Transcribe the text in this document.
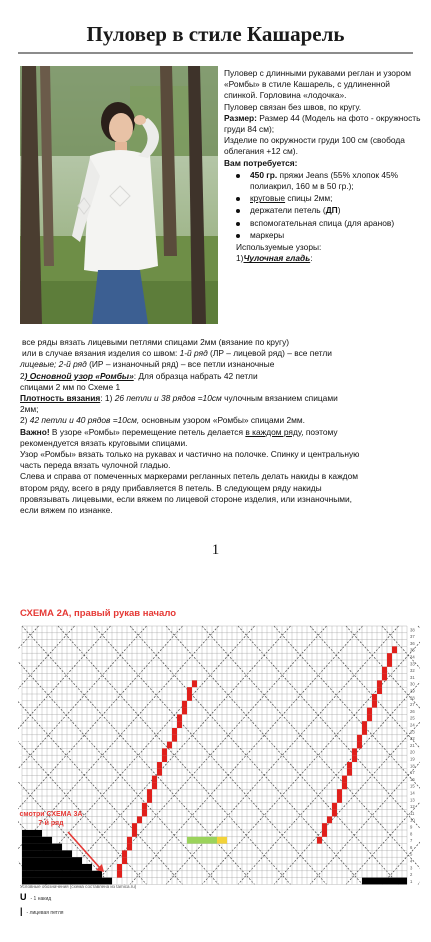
Пуловер в стиле Кашарель

Пуловер с длинными рукавами реглан и узором «Ромбы» в стиле Кашарель, с удлиненной спинкой. Горловина «лодочка».

Пуловер связан без швов, по кругу.

Размер: Размер 44 (Модель на фото - окружность груди 84 см);

Изделие по окружности груди 100 см (свобода облегания +12 см).

Вам потребуется:

450 гр. пряжи Jeans (55% хлопок 45% полиакрил, 160 м в 50 гр.);
круговые спицы 2мм;
держатели петель (ДП)
вспомогательная спица (для аранов)
маркеры

Используемые узоры:

1)Чулочная гладь:

все ряды вязать лицевыми петлями спицами 2мм (вязание по кругу)

или в случае вязания изделия со швом: 1-й ряд (ЛР – лицевой ряд) – все петли

лицевые; 2-й ряд (ИР – изнаночный ряд) – все петли изнаночные

2) Основной узор «Ромбы»: Для образца набрать 42 петли

спицами 2 мм по Схеме 1

Плотность вязания: 1) 26 петли и 38 рядов =10см чулочным вязанием спицами

2мм;

2) 42 петли и 40 рядов =10см, основным узором «Ромбы» спицами 2мм.

Важно! В узоре «Ромбы» перемещение петель делается в каждом ряду, поэтому

рекомендуется вязать круговыми спицами.

Узор «Ромбы» вязать только на рукавах и частично на полочке. Спинку и центральную

часть переда вязать чулочной гладью.

Слева и справа от помеченных маркерами регланных петель делать накиды в каждом

втором ряду, всего в ряду прибавляется 8 петель. В следующем ряду накиды

провязывать лицевыми, если вяжем по лицевой стороне изделия, или изнаночными,

если вяжем по изнанке.

1
СХЕМА 2А, правый рукав начало
38
37
36
35
34
33
32
31
30
29
28
27
26
25
24
23
22
21
20
19
18
17
16
15
14
13
12
11
10
9
8
7
6
5
4
3
2
1
смотри СХЕМА 3А
7-й ряд
Условные обозначения (схема составлена из tamica.ru)
U - 1 накид
| - лицевая петля
